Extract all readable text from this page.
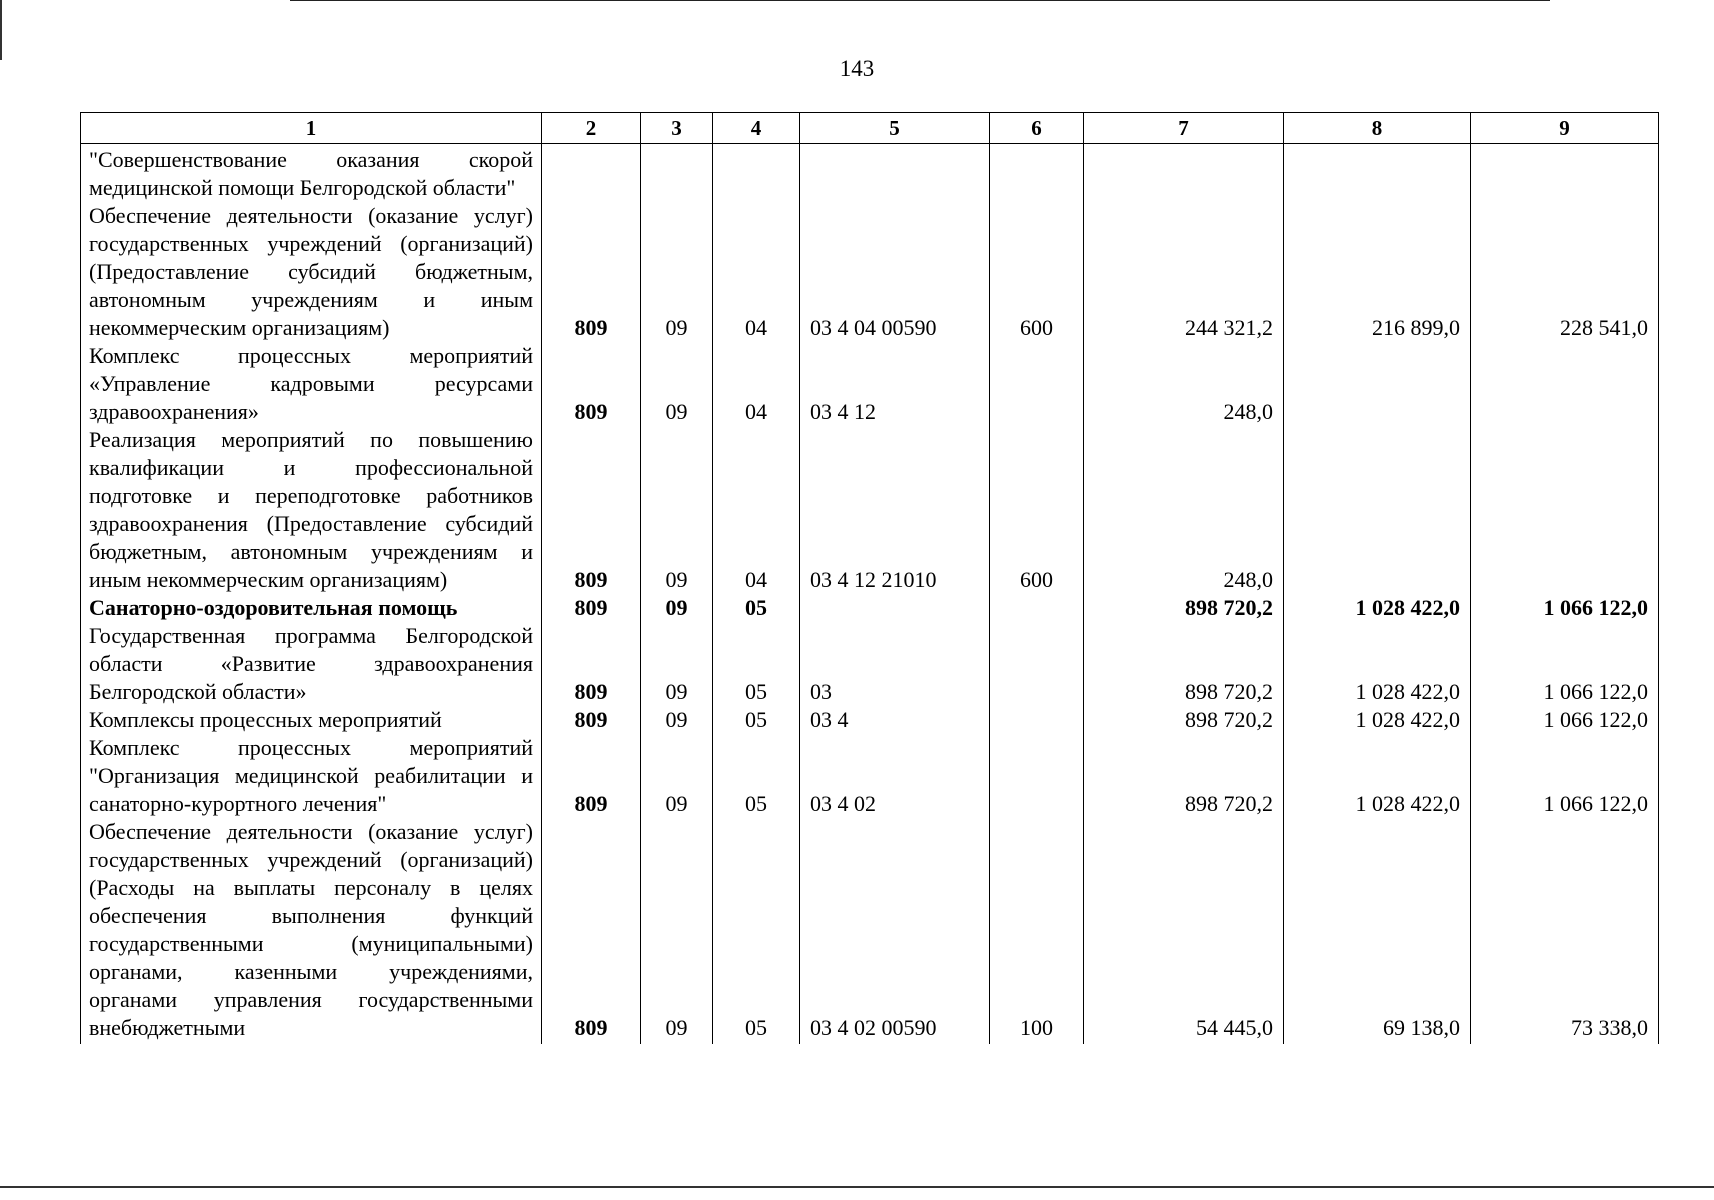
143
1	2	3	4	5	6	7	8	9
"Совершенствование оказания скорой медицинской помощи Белгородской области"								
Обеспечение деятельности (оказание услуг) государственных учреждений (организаций) (Предоставление субсидий бюджетным, автономным учреждениям и иным некоммерческим организациям)	809	09	04	03 4 04 00590	600	244 321,2	216 899,0	228 541,0
Комплекс процессных мероприятий «Управление кадровыми ресурсами здравоохранения»	809	09	04	03 4 12		248,0		
Реализация мероприятий по повышению квалификации и профессиональной подготовке и переподготовке работников здравоохранения (Предоставление субсидий бюджетным, автономным учреждениям и иным некоммерческим организациям)	809	09	04	03 4 12 21010	600	248,0		
Санаторно-оздоровительная помощь	809	09	05			898 720,2	1 028 422,0	1 066 122,0
Государственная программа Белгородской области «Развитие здравоохранения Белгородской области»	809	09	05	03		898 720,2	1 028 422,0	1 066 122,0
Комплексы процессных мероприятий	809	09	05	03 4		898 720,2	1 028 422,0	1 066 122,0
Комплекс процессных мероприятий "Организация медицинской реабилитации и санаторно-курортного лечения"	809	09	05	03 4 02		898 720,2	1 028 422,0	1 066 122,0
Обеспечение деятельности (оказание услуг) государственных учреждений (организаций) (Расходы на выплаты персоналу в целях обеспечения выполнения функций государственными (муниципальными) органами, казенными учреждениями, органами управления государственными внебюджетными	809	09	05	03 4 02 00590	100	54 445,0	69 138,0	73 338,0
